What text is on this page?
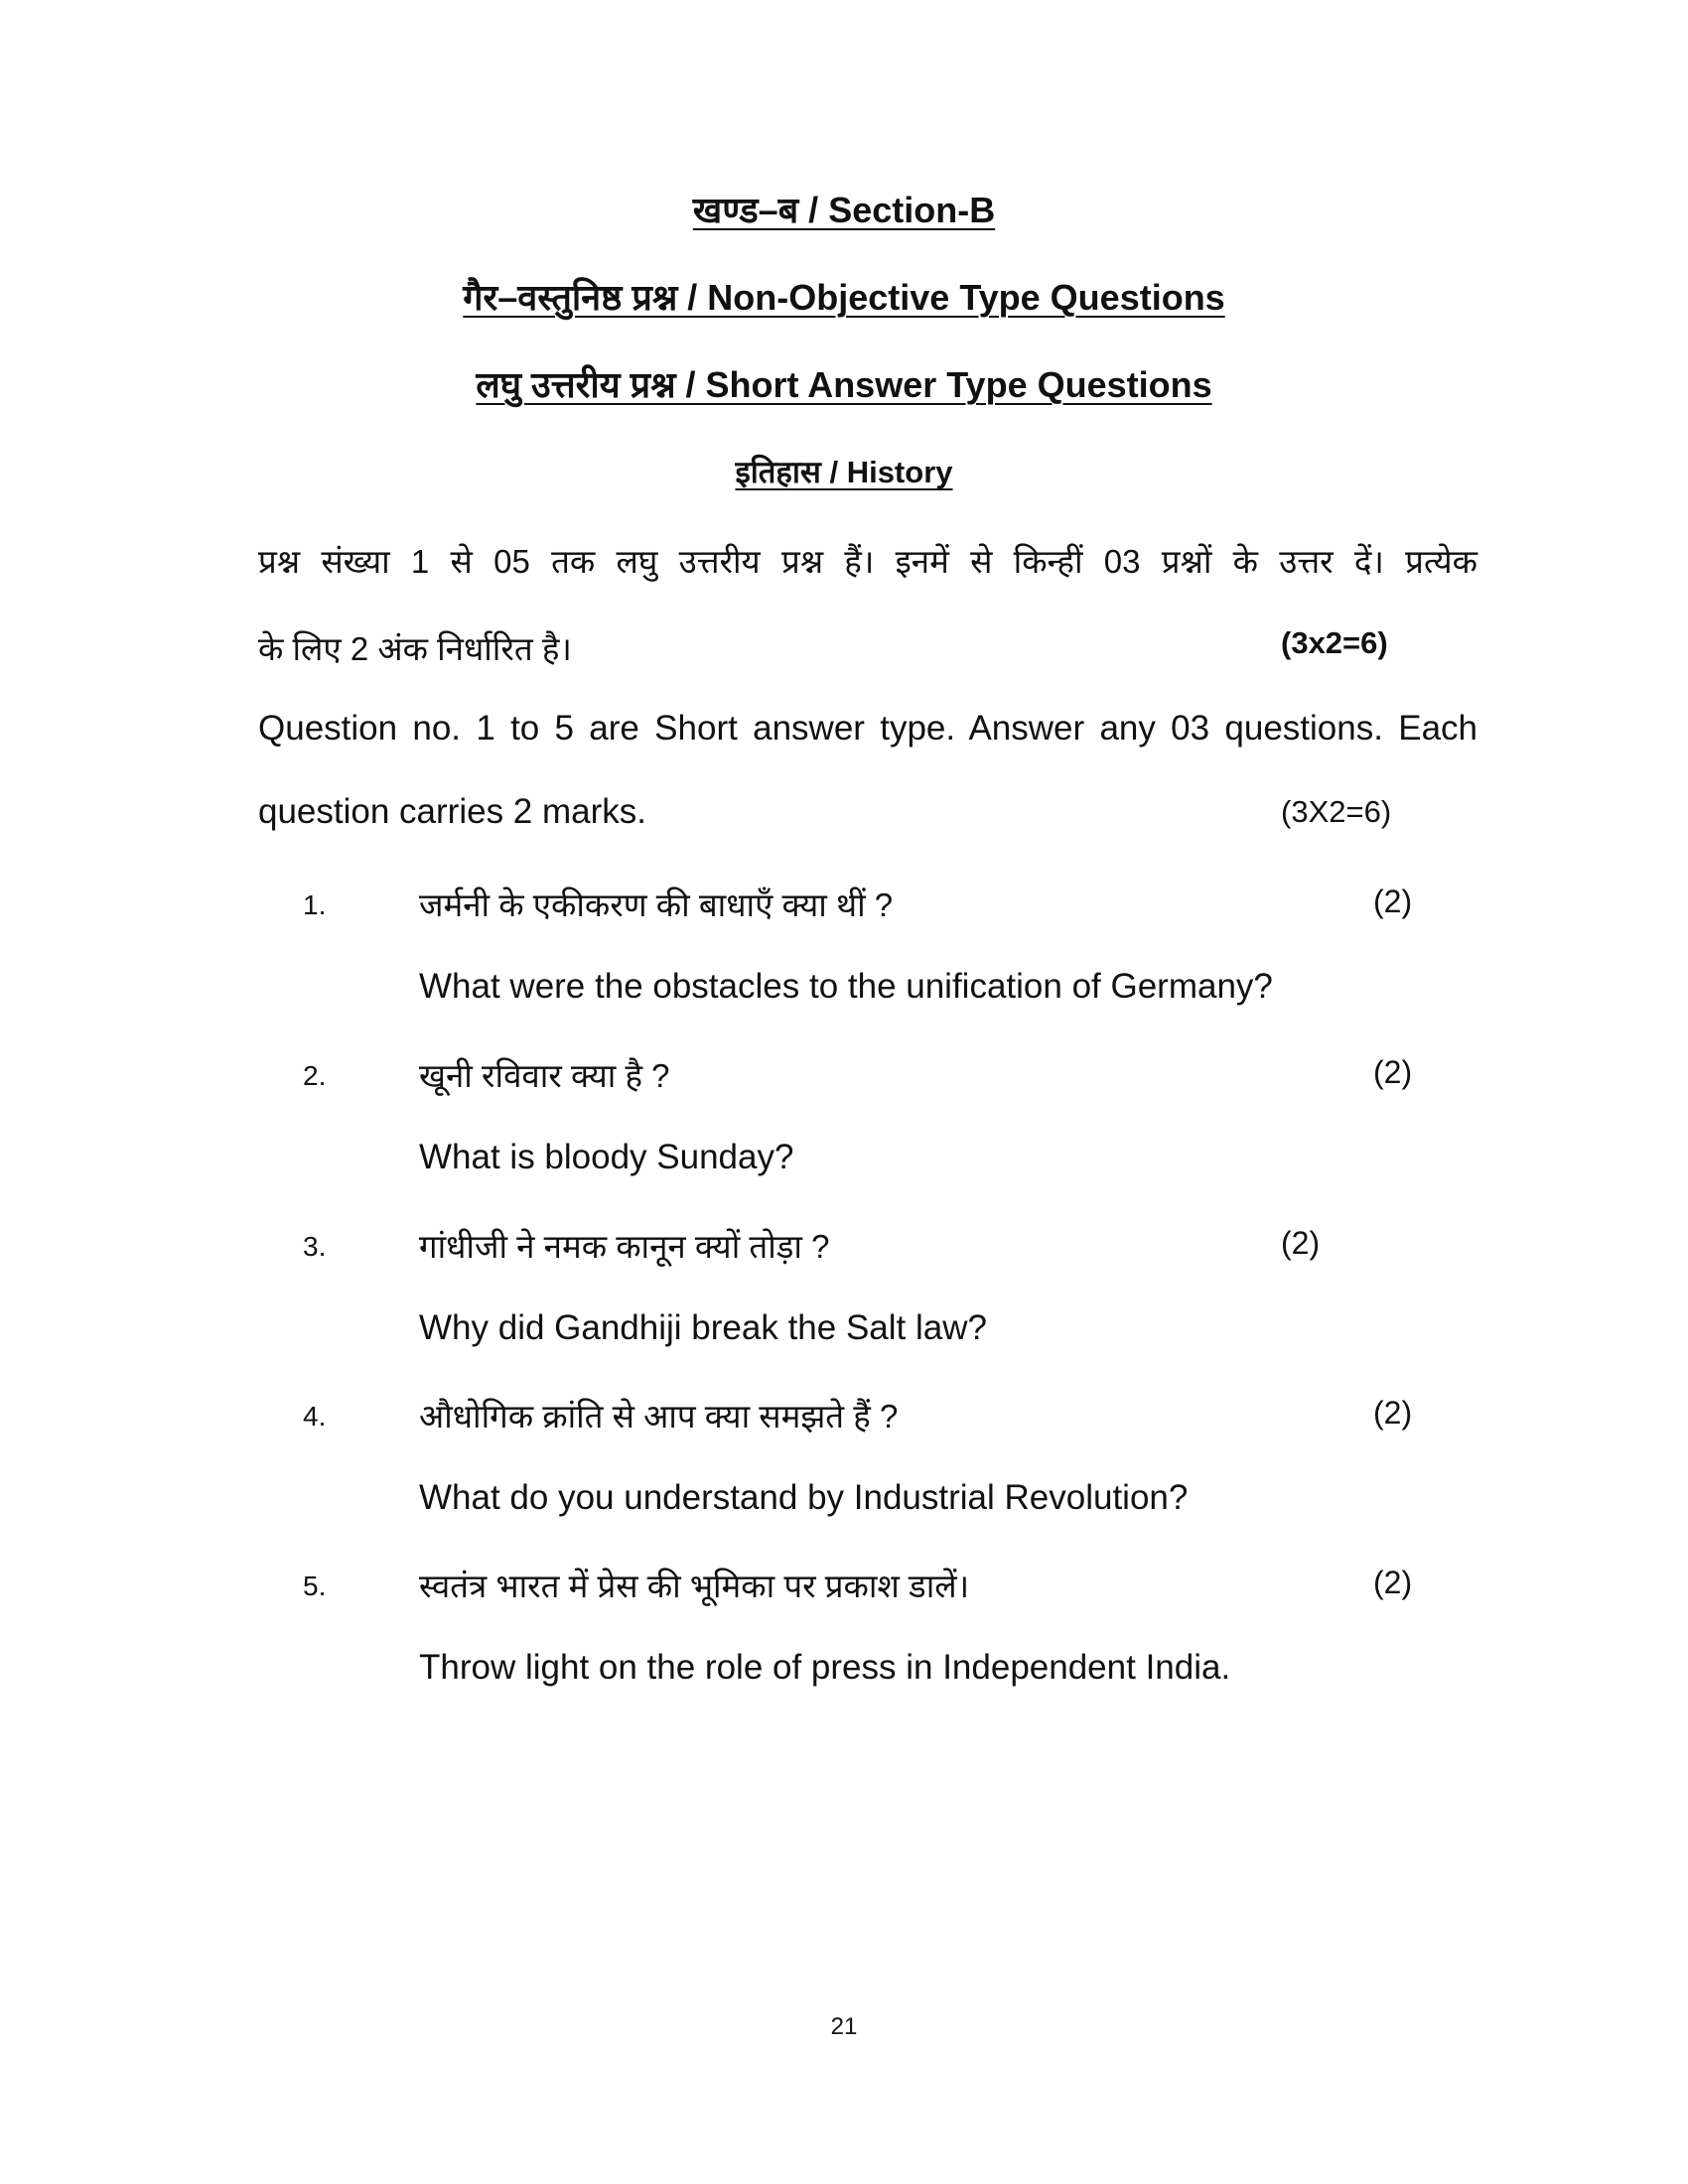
खण्ड–ब / Section-B
गैर–वस्तुनिष्ठ प्रश्न / Non-Objective Type Questions
लघु उत्तरीय प्रश्न / Short Answer Type Questions
इतिहास / History
प्रश्न संख्या 1 से 05 तक लघु उत्तरीय प्रश्न हैं। इनमें से किन्हीं 03 प्रश्नों के उत्तर दें। प्रत्येक
के लिए 2 अंक निर्धारित है।	(3x2=6)
Question no. 1 to 5 are Short answer type. Answer any 03 questions. Each
question carries 2 marks.	(3X2=6)
1.	जर्मनी के एकीकरण की बाधाएँ क्या थीं ?
What were the obstacles to the unification of Germany?
(2)
2.	खूनी रविवार क्या है ?
What is bloody Sunday?
(2)
3.	गांधीजी ने नमक कानून क्यों तोड़ा ?
Why did Gandhiji break the Salt law?
(2)
4.	औधोगिक क्रांति से आप क्या समझते हैं ?
What do you understand by Industrial Revolution?
(2)
5.	स्वतंत्र भारत में प्रेस की भूमिका पर प्रकाश डालें।
Throw light on the role of press in Independent India.
(2)
21
